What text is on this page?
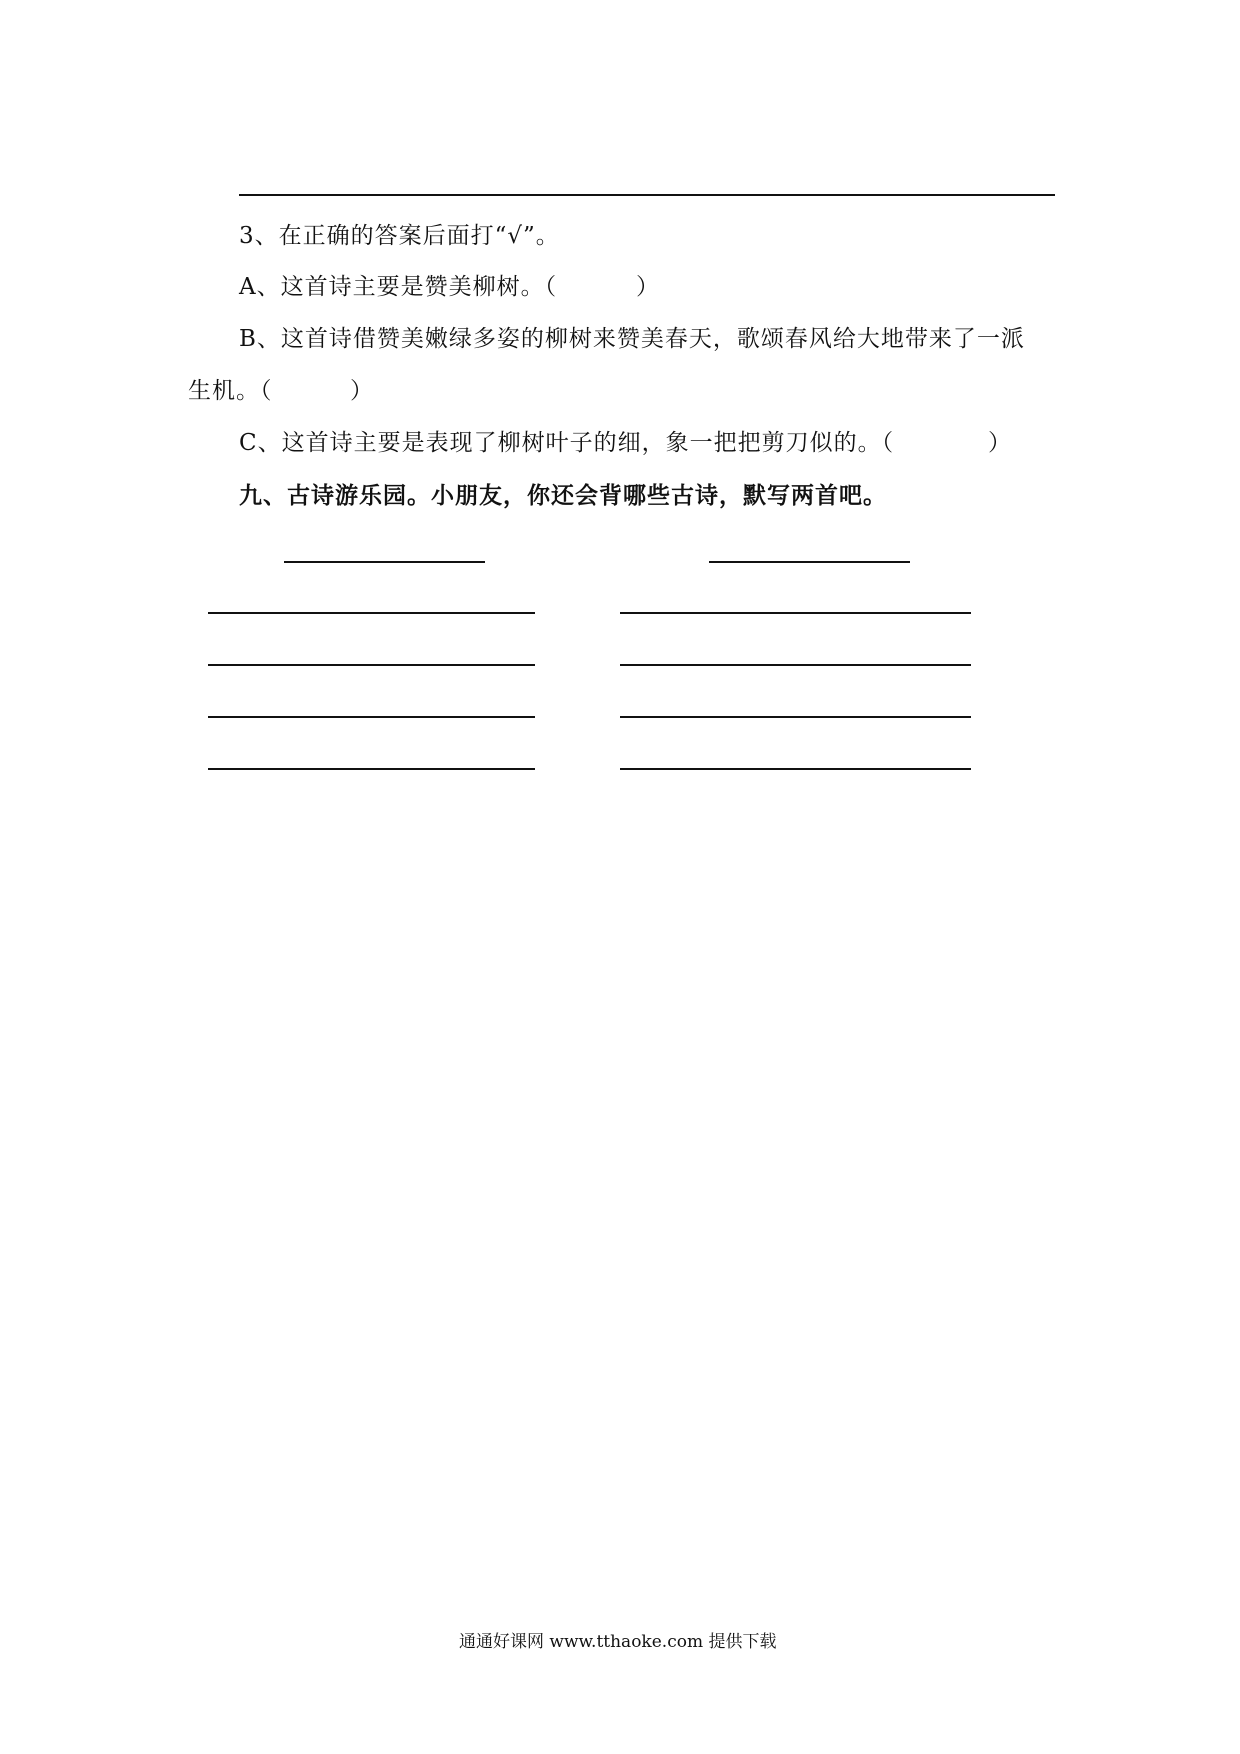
3、在正确的答案后面打“√”。
A、这首诗主要是赞美柳树。（	）
B、这首诗借赞美嫩绿多姿的柳树来赞美春天，歌颂春风给大地带来了一派
生机。（	）
C、这首诗主要是表现了柳树叶子的细，象一把把剪刀似的。（	）
九、古诗游乐园。小朋友，你还会背哪些古诗，默写两首吧。
通通好课网 www.tthaoke.com 提供下载
